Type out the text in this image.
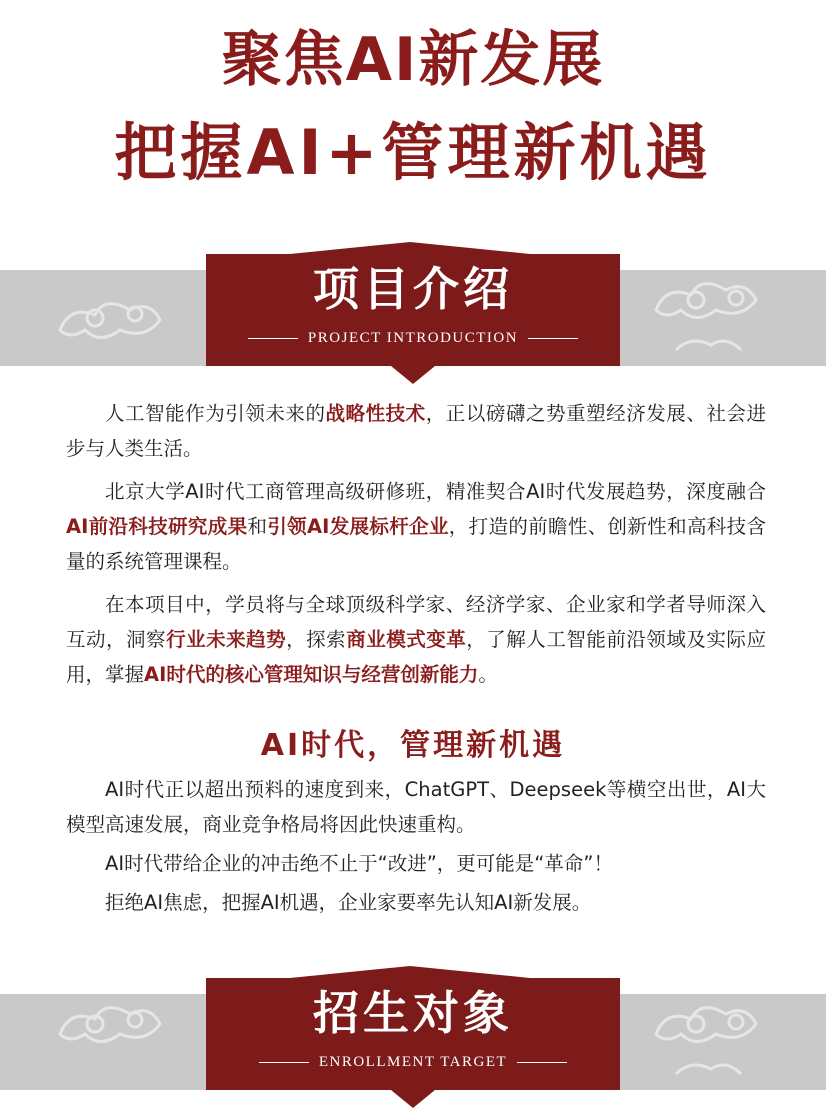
聚焦AI新发展
把握AI+管理新机遇
项目介绍
PROJECT INTRODUCTION

人工智能作为引领未来的战略性技术，正以磅礴之势重塑经济发展、社会进步与人类生活。

北京大学AI时代工商管理高级研修班，精准契合AI时代发展趋势，深度融合AI前沿科技研究成果和引领AI发展标杆企业，打造的前瞻性、创新性和高科技含量的系统管理课程。

在本项目中，学员将与全球顶级科学家、经济学家、企业家和学者导师深入互动，洞察行业未来趋势，探索商业模式变革，了解人工智能前沿领域及实际应用，掌握AI时代的核心管理知识与经营创新能力。

AI时代，管理新机遇

AI时代正以超出预料的速度到来，ChatGPT、Deepseek等横空出世，AI大模型高速发展，商业竞争格局将因此快速重构。

AI时代带给企业的冲击绝不止于“改进”，更可能是“革命”！

拒绝AI焦虑，把握AI机遇，企业家要率先认知AI新发展。

招生对象
ENROLLMENT TARGET
